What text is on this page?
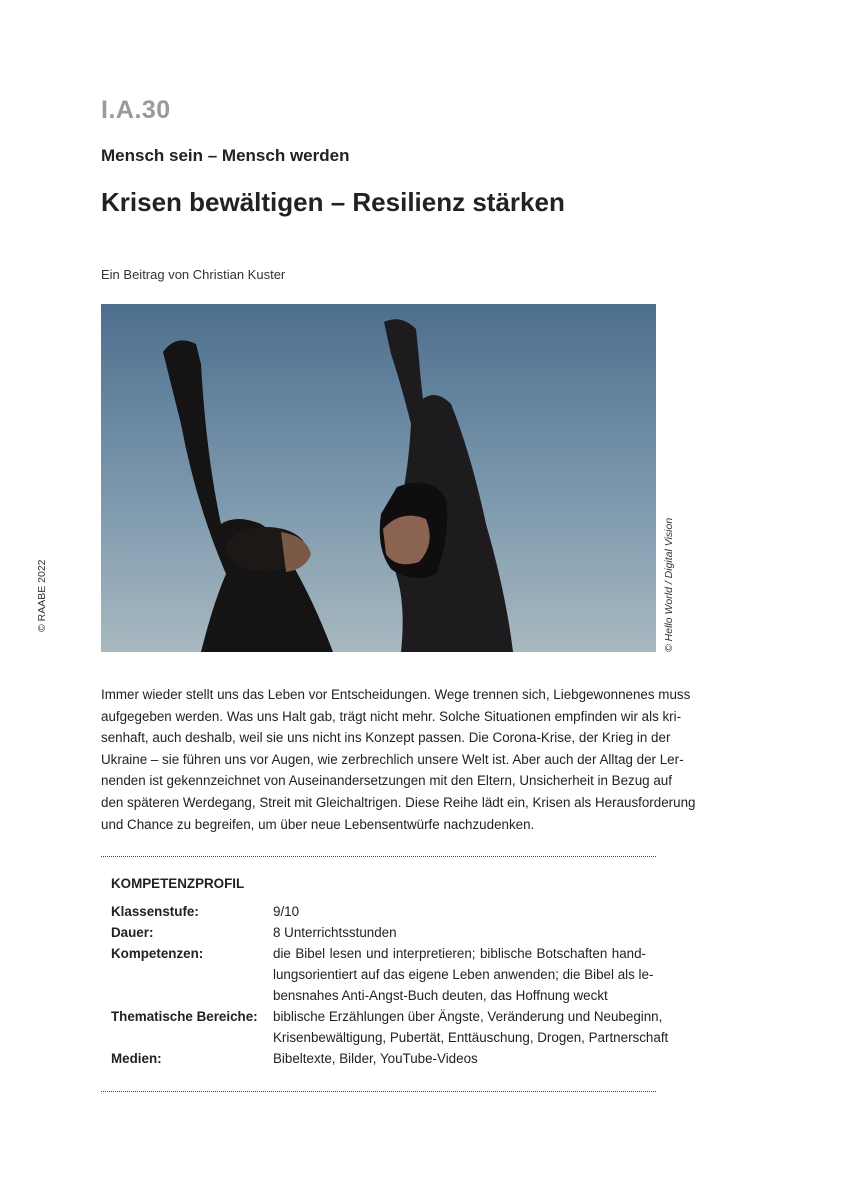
I.A.30
Mensch sein – Mensch werden
Krisen bewältigen – Resilienz stärken
Ein Beitrag von Christian Kuster
© Hello World / Digital Vision
© RAABE 2022
Immer wieder stellt uns das Leben vor Entscheidungen. Wege trennen sich, Liebgewonnenes muss
aufgegeben werden. Was uns Halt gab, trägt nicht mehr. Solche Situationen empfinden wir als kri-
senhaft, auch deshalb, weil sie uns nicht ins Konzept passen. Die Corona-Krise, der Krieg in der
Ukraine – sie führen uns vor Augen, wie zerbrechlich unsere Welt ist. Aber auch der Alltag der Ler-
nenden ist gekennzeichnet von Auseinandersetzungen mit den Eltern, Unsicherheit in Bezug auf
den späteren Werdegang, Streit mit Gleichaltrigen. Diese Reihe lädt ein, Krisen als Herausforderung
und Chance zu begreifen, um über neue Lebensentwürfe nachzudenken.
KOMPETENZPROFIL
Klassenstufe:	9/10
Dauer:	8 Unterrichtsstunden
Kompetenzen:	die Bibel lesen und interpretieren; biblische Botschaften hand-
lungsorientiert auf das eigene Leben anwenden; die Bibel als le-
bensnahes Anti-Angst-Buch deuten, das Hoffnung weckt
Thematische Bereiche:	biblische Erzählungen über Ängste, Veränderung und Neubeginn,
Krisenbewältigung, Pubertät, Enttäuschung, Drogen, Partnerschaft
Medien:	Bibeltexte, Bilder, YouTube-Videos
